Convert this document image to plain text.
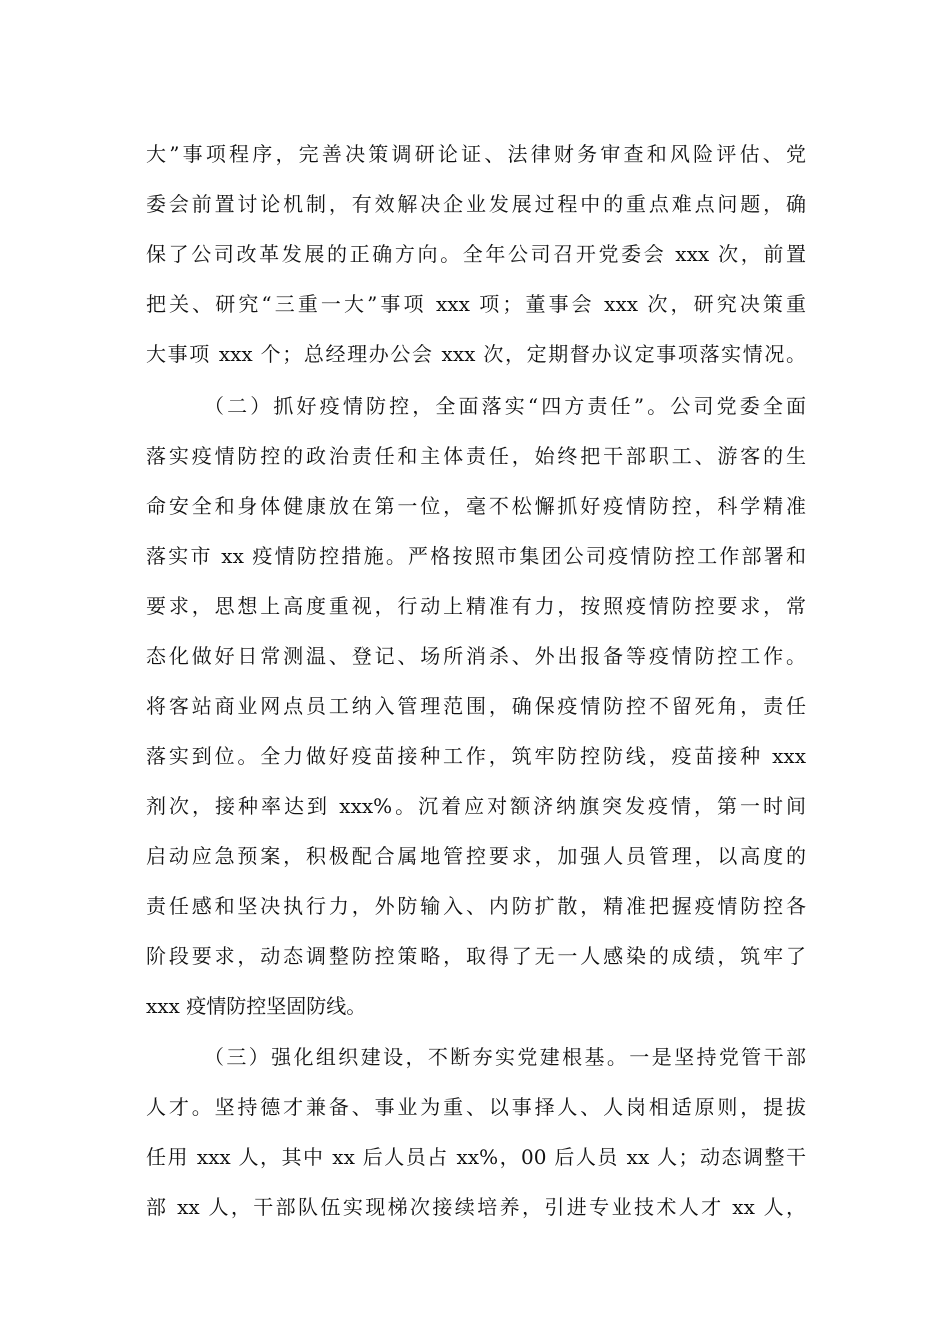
大”事项程序，完善决策调研论证、法律财务审查和风险评估、党
委会前置讨论机制，有效解决企业发展过程中的重点难点问题，确
保了公司改革发展的正确方向。全年公司召开党委会 xxx 次，前置
把关、研究“三重一大”事项 xxx 项；董事会 xxx 次，研究决策重
大事项 xxx 个；总经理办公会 xxx 次，定期督办议定事项落实情况。
（二）抓好疫情防控，全面落实“四方责任”。公司党委全面
落实疫情防控的政治责任和主体责任，始终把干部职工、游客的生
命安全和身体健康放在第一位，毫不松懈抓好疫情防控，科学精准
落实市 xx 疫情防控措施。严格按照市集团公司疫情防控工作部署和
要求，思想上高度重视，行动上精准有力，按照疫情防控要求，常
态化做好日常测温、登记、场所消杀、外出报备等疫情防控工作。
将客站商业网点员工纳入管理范围，确保疫情防控不留死角，责任
落实到位。全力做好疫苗接种工作，筑牢防控防线，疫苗接种 xxx
剂次，接种率达到 xxx%。沉着应对额济纳旗突发疫情，第一时间
启动应急预案，积极配合属地管控要求，加强人员管理，以高度的
责任感和坚决执行力，外防输入、内防扩散，精准把握疫情防控各
阶段要求，动态调整防控策略，取得了无一人感染的成绩，筑牢了
xxx 疫情防控坚固防线。
（三）强化组织建设，不断夯实党建根基。一是坚持党管干部
人才。坚持德才兼备、事业为重、以事择人、人岗相适原则，提拔
任用 xxx 人，其中 xx 后人员占 xx%，00 后人员 xx 人；动态调整干
部 xx 人，干部队伍实现梯次接续培养，引进专业技术人才 xx 人，
